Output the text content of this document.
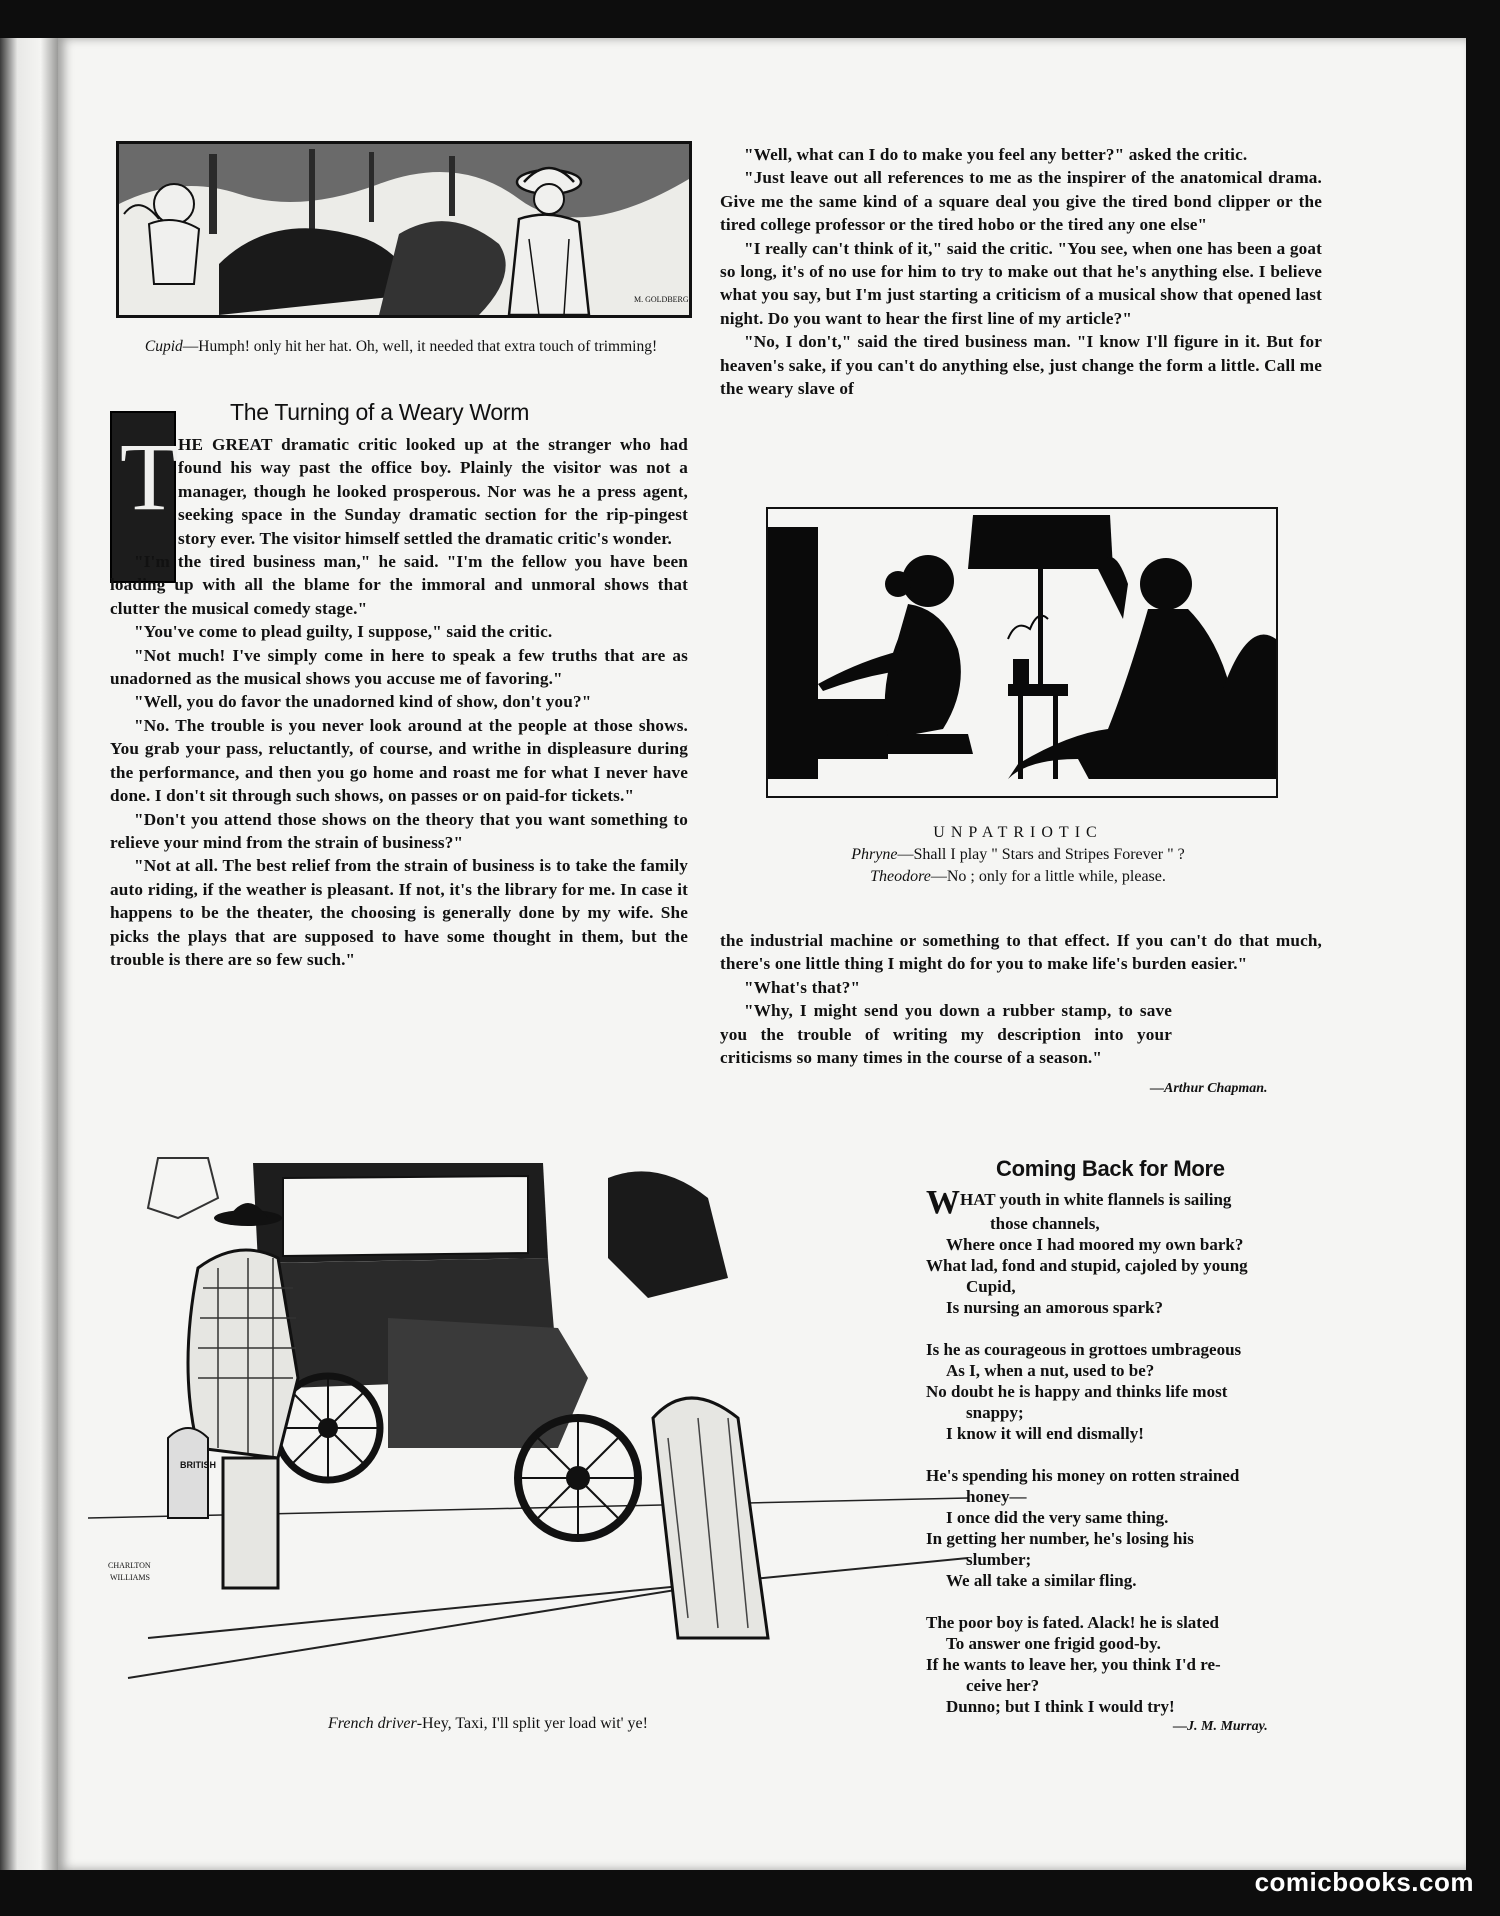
M. GOLDBERG
Cupid—Humph! only hit her hat. Oh, well, it needed that extra touch of trimming!
The Turning of a Weary Worm
T HE GREAT dramatic critic looked up at the stranger who had found his way past the office boy. Plainly the visitor was not a manager, though he looked prosperous. Nor was he a press agent, seeking space in the Sunday dramatic section for the rip-pingest story ever. The visitor himself settled the dramatic critic's wonder.

"I'm the tired business man," he said. "I'm the fellow you have been loading up with all the blame for the immoral and unmoral shows that clutter the musical comedy stage."

"You've come to plead guilty, I suppose," said the critic.

"Not much! I've simply come in here to speak a few truths that are as unadorned as the musical shows you accuse me of favoring."

"Well, you do favor the unadorned kind of show, don't you?"

"No. The trouble is you never look around at the people at those shows. You grab your pass, reluctantly, of course, and writhe in displeasure during the performance, and then you go home and roast me for what I never have done. I don't sit through such shows, on passes or on paid-for tickets."

"Don't you attend those shows on the theory that you want something to relieve your mind from the strain of business?"

"Not at all. The best relief from the strain of business is to take the family auto riding, if the weather is pleasant. If not, it's the library for me. In case it happens to be the theater, the choosing is generally done by my wife. She picks the plays that are supposed to have some thought in them, but the trouble is there are so few such."

"Well, what can I do to make you feel any better?" asked the critic.

"Just leave out all references to me as the inspirer of the anatomical drama. Give me the same kind of a square deal you give the tired bond clipper or the tired college professor or the tired hobo or the tired any one else"

"I really can't think of it," said the critic. "You see, when one has been a goat so long, it's of no use for him to try to make out that he's anything else. I believe what you say, but I'm just starting a criticism of a musical show that opened last night. Do you want to hear the first line of my article?"

"No, I don't," said the tired business man. "I know I'll figure in it. But for heaven's sake, if you can't do anything else, just change the form a little. Call me the weary slave of

UNPATRIOTIC
Phryne—Shall I play " Stars and Stripes Forever " ?
Theodore—No ; only for a little while, please.

the industrial machine or something to that effect. If you can't do that much, there's one little thing I might do for you to make life's burden easier."

"What's that?"

"Why, I might send you down a rubber stamp, to save you the trouble of writing my description into your criticisms so many times in the course of a season."

—Arthur Chapman.
BRITISH
CHARLTON
WILLIAMS
French driver-Hey, Taxi, I'll split yer load wit' ye!
Coming Back for More
WHAT youth in white flannels is sailing
those channels,
Where once I had moored my own bark?
What lad, fond and stupid, cajoled by young
Cupid,
Is nursing an amorous spark?
Is he as courageous in grottoes umbrageous
As I, when a nut, used to be?
No doubt he is happy and thinks life most
snappy;
I know it will end dismally!
He's spending his money on rotten strained
honey—
I once did the very same thing.
In getting her number, he's losing his
slumber;
We all take a similar fling.
The poor boy is fated. Alack! he is slated
To answer one frigid good-by.
If he wants to leave her, you think I'd re-
ceive her?
Dunno; but I think I would try!
—J. M. Murray.
comicbooks.com
